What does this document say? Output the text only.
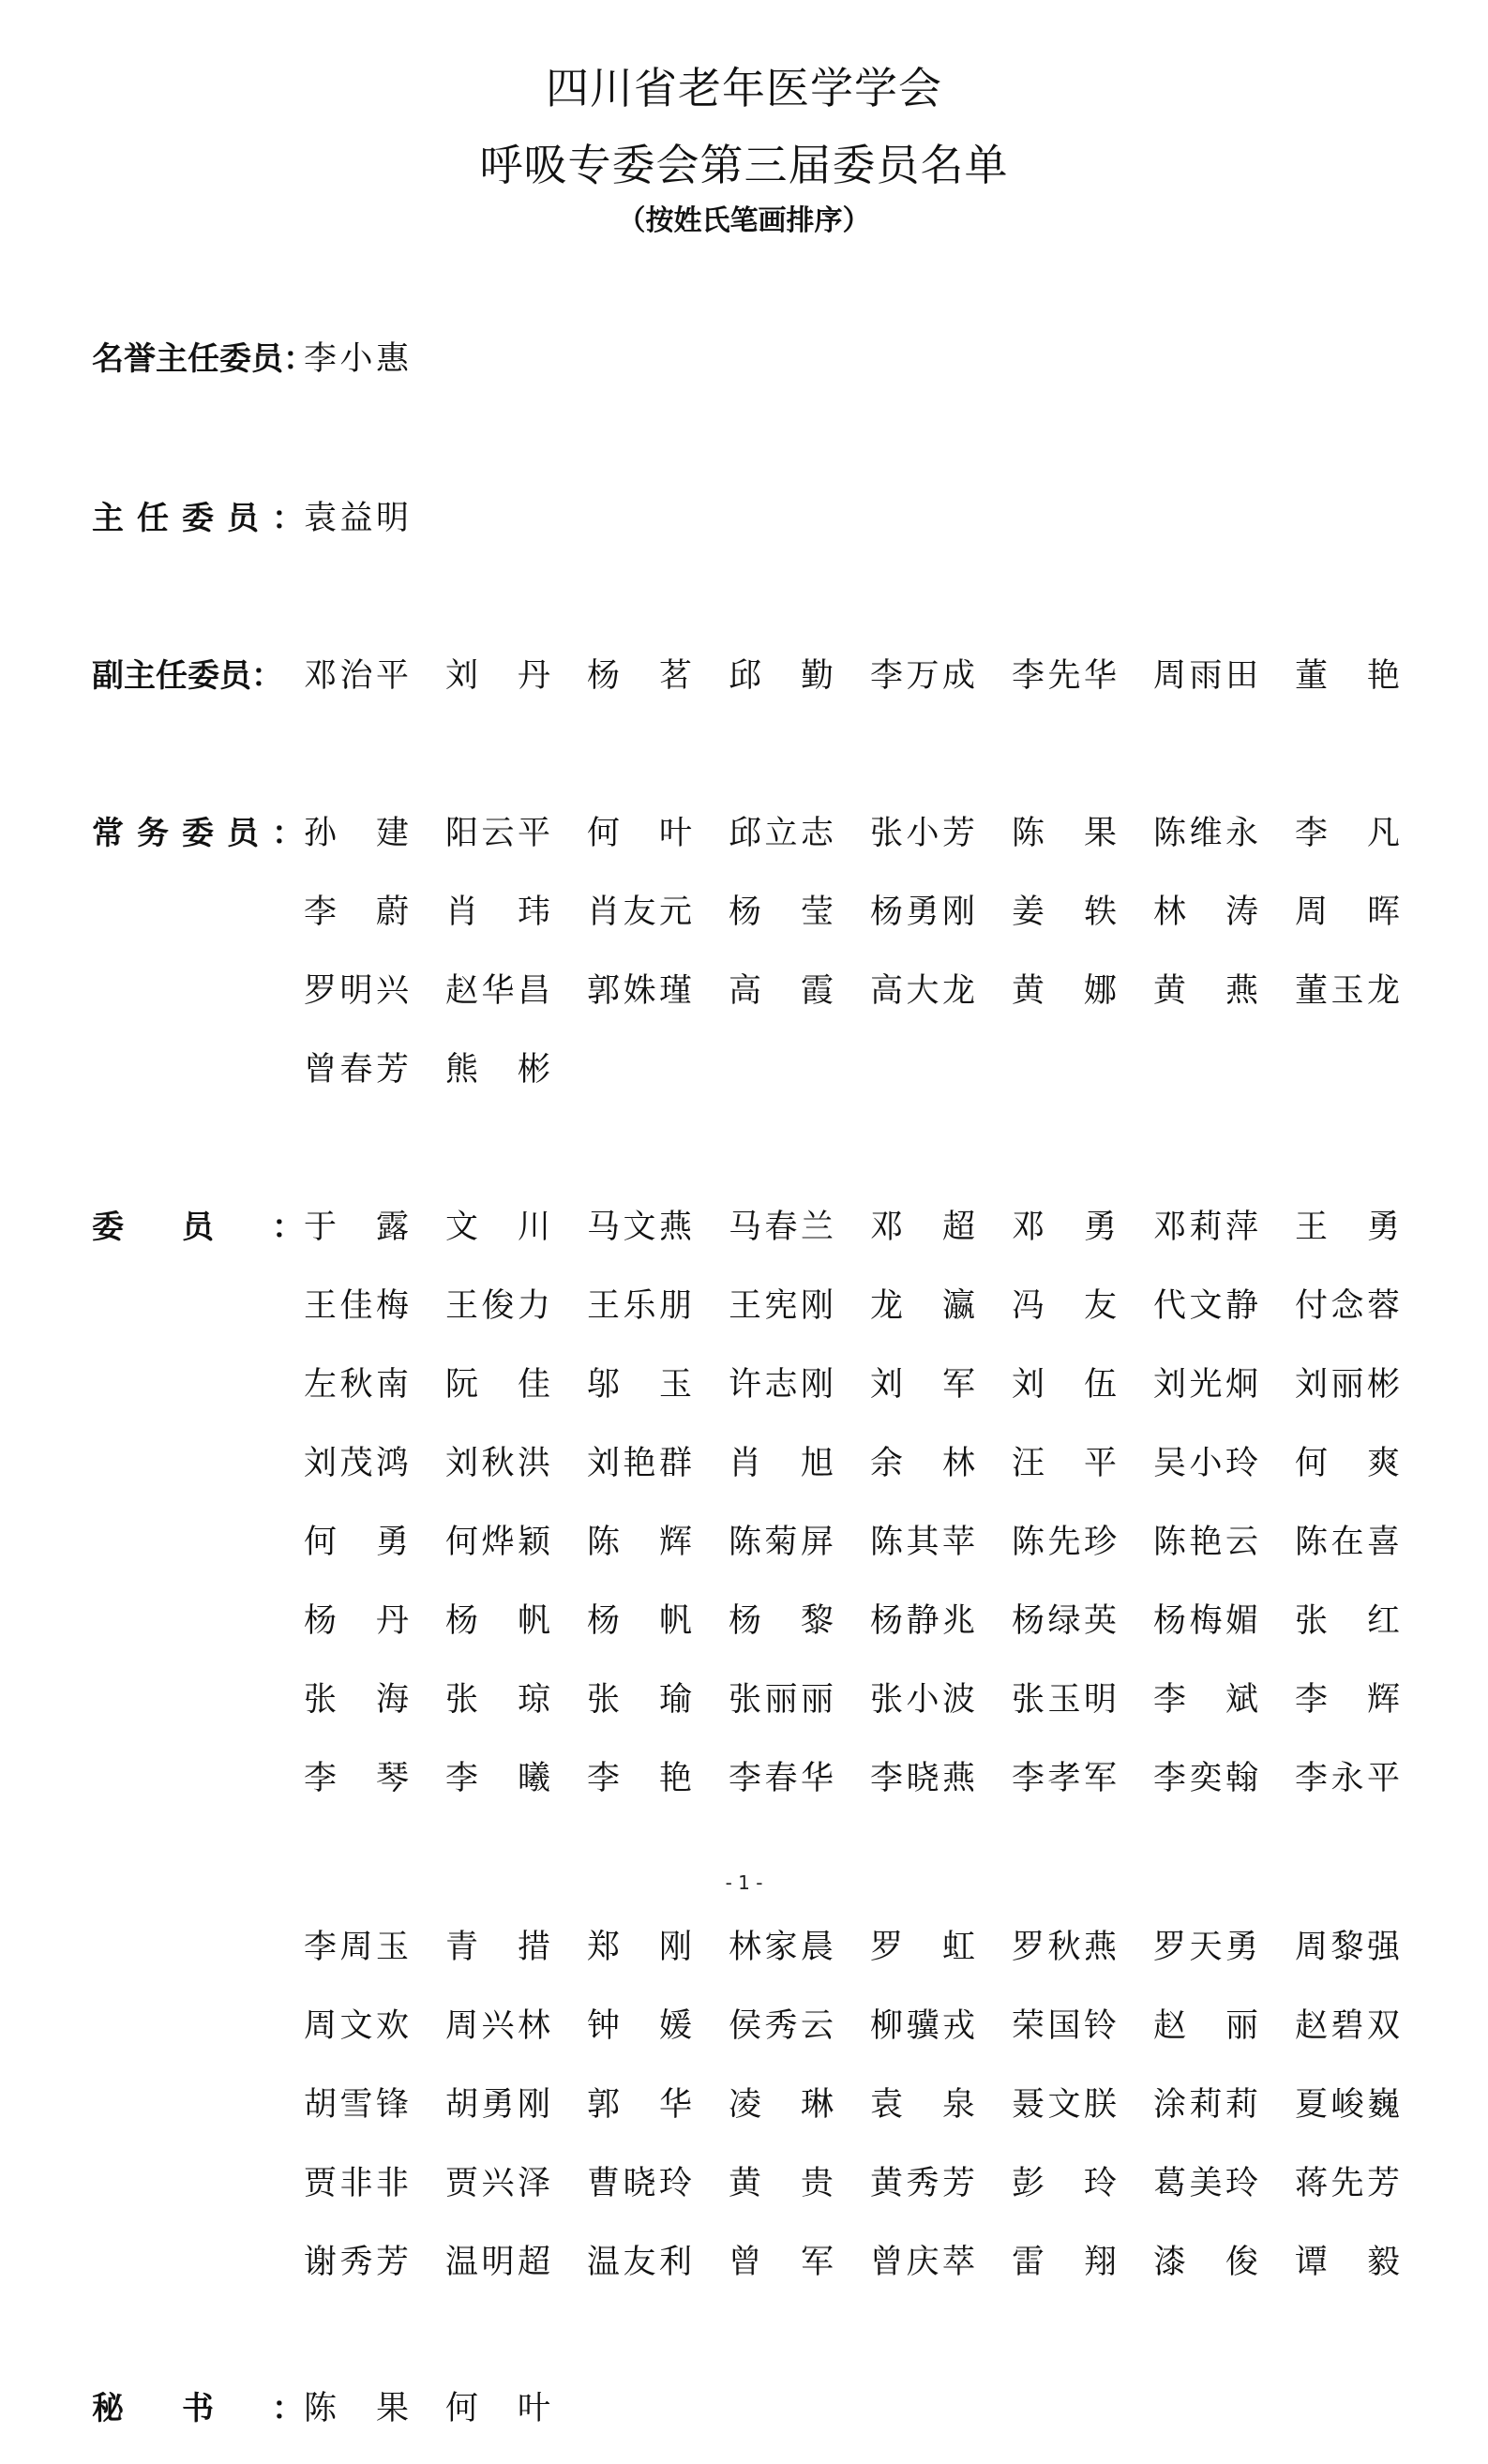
四川省老年医学学会
呼吸专委会第三届委员名单
（按姓氏笔画排序）
名誉主任委员：
李小惠
主任委员： 袁益明
副主任委员： 邓治平 刘丹 杨茗 邱勤 李万成 李先华 周雨田 董艳
常务委员： 孙建 阳云平 何叶 邱立志 张小芳 陈果 陈维永 李凡
李蔚 肖玮 肖友元 杨莹 杨勇刚 姜轶 林涛 周晖
罗明兴 赵华昌 郭姝瑾 高霞 高大龙 黄娜 黄燕 董玉龙
曾春芳 熊彬
委员： 于露 文川 马文燕 马春兰 邓超 邓勇 邓莉萍 王勇
王佳梅 王俊力 王乐朋 王宪刚 龙瀛 冯友 代文静 付念蓉
左秋南 阮佳 邬玉 许志刚 刘军 刘伍 刘光炯 刘丽彬
刘茂鸿 刘秋洪 刘艳群 肖旭 余林 汪平 吴小玲 何爽
何勇 何烨颖 陈辉 陈菊屏 陈其苹 陈先珍 陈艳云 陈在喜
杨丹 杨帆 杨帆 杨黎 杨静兆 杨绿英 杨梅媚 张红
张海 张琼 张瑜 张丽丽 张小波 张玉明 李斌 李辉
李琴 李曦 李艳 李春华 李晓燕 李孝军 李奕翰 李永平
李周玉 青措 郑刚 林家晨 罗虹 罗秋燕 罗天勇 周黎强
周文欢 周兴林 钟媛 侯秀云 柳骥戎 荣国铃 赵丽 赵碧双
胡雪锋 胡勇刚 郭华 凌琳 袁泉 聂文朕 涂莉莉 夏峻巍
贾非非 贾兴泽 曹晓玲 黄贵 黄秀芳 彭玲 葛美玲 蒋先芳
谢秀芳 温明超 温友利 曾军 曾庆萃 雷翔 漆俊 谭毅
- 1 -
秘书： 陈果 何叶
